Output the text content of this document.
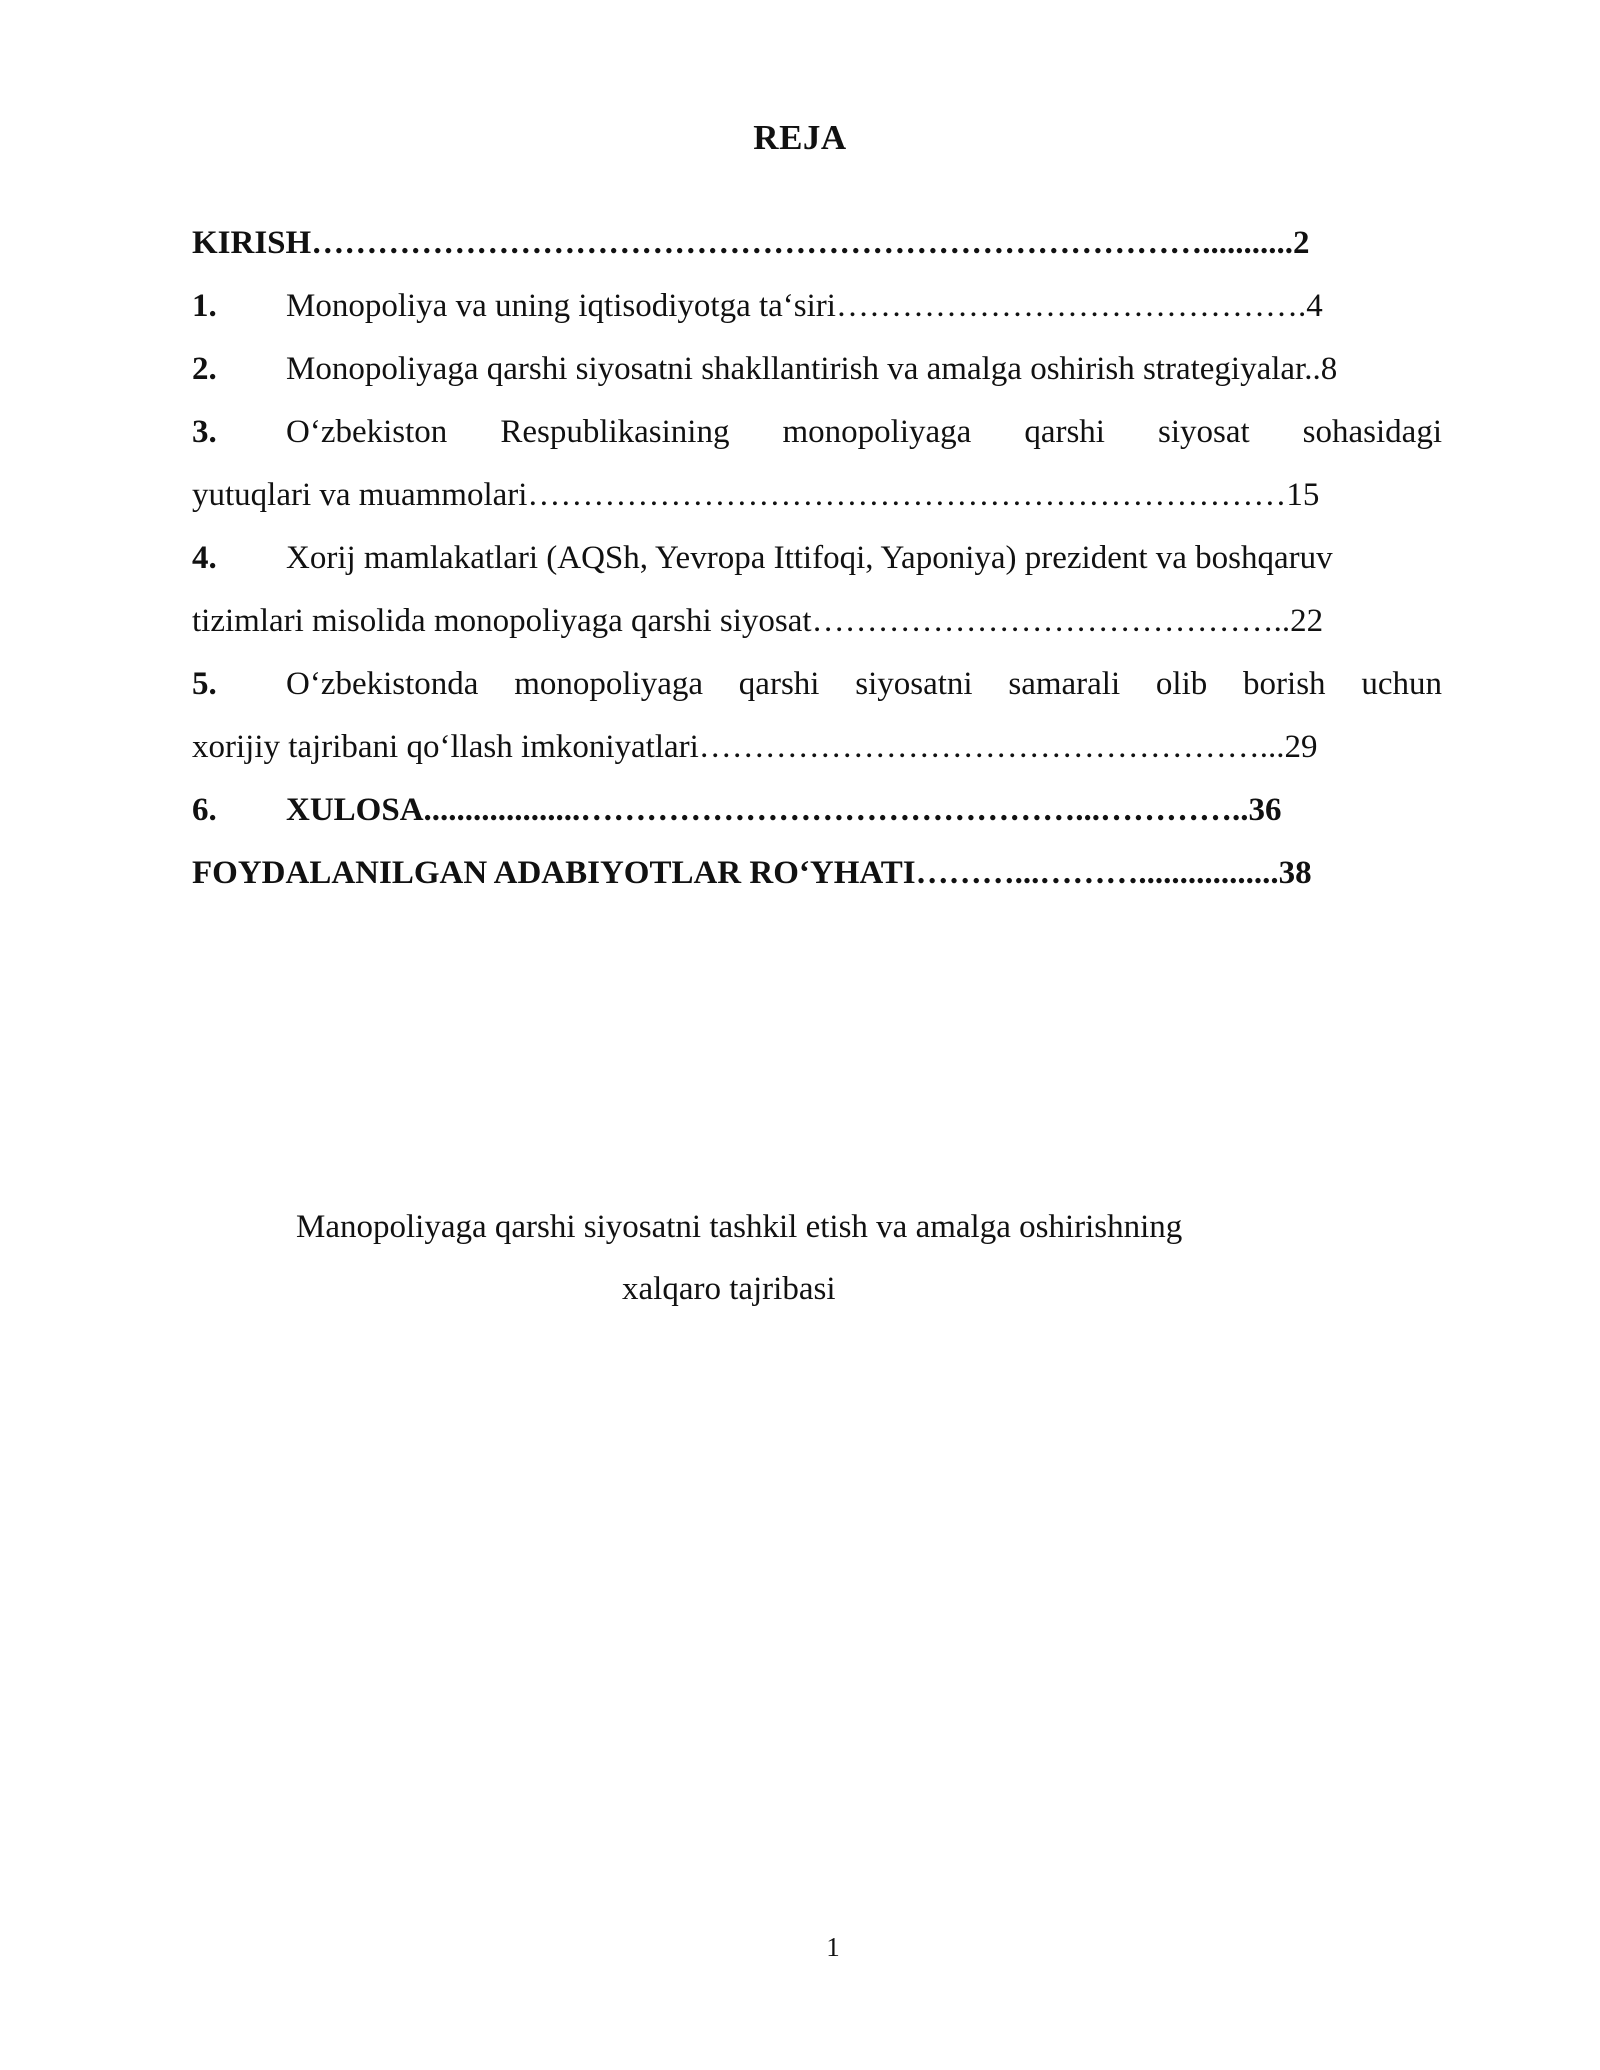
REJA
KIRISH………………………………………………………………………...........2
1. Monopoliya va uning iqtisodiyotga ta‘siri…………………………………….4
2. Monopoliyaga qarshi siyosatni shakllantirish va amalga oshirish strategiyalar..8
3. O‘zbekiston Respublikasining monopoliyaga qarshi siyosat sohasidagi
yutuqlari va muammolari……………………………………………………………15
4. Xorij mamlakatlari (AQSh, Yevropa Ittifoqi, Yaponiya) prezident va boshqaruv
tizimlari misolida monopoliyaga qarshi siyosat……………………………………..22
5. O‘zbekistonda monopoliyaga qarshi siyosatni samarali olib borish uchun
xorijiy tajribani qo‘llash imkoniyatlari……………………………………………...29
6. XULOSA...................………………………………………...…………..36
FOYDALANILGAN ADABIYOTLAR RO‘YHATI………...……….................38
Manopoliyaga qarshi siyosatni tashkil etish va amalga oshirishning
xalqaro tajribasi
1
